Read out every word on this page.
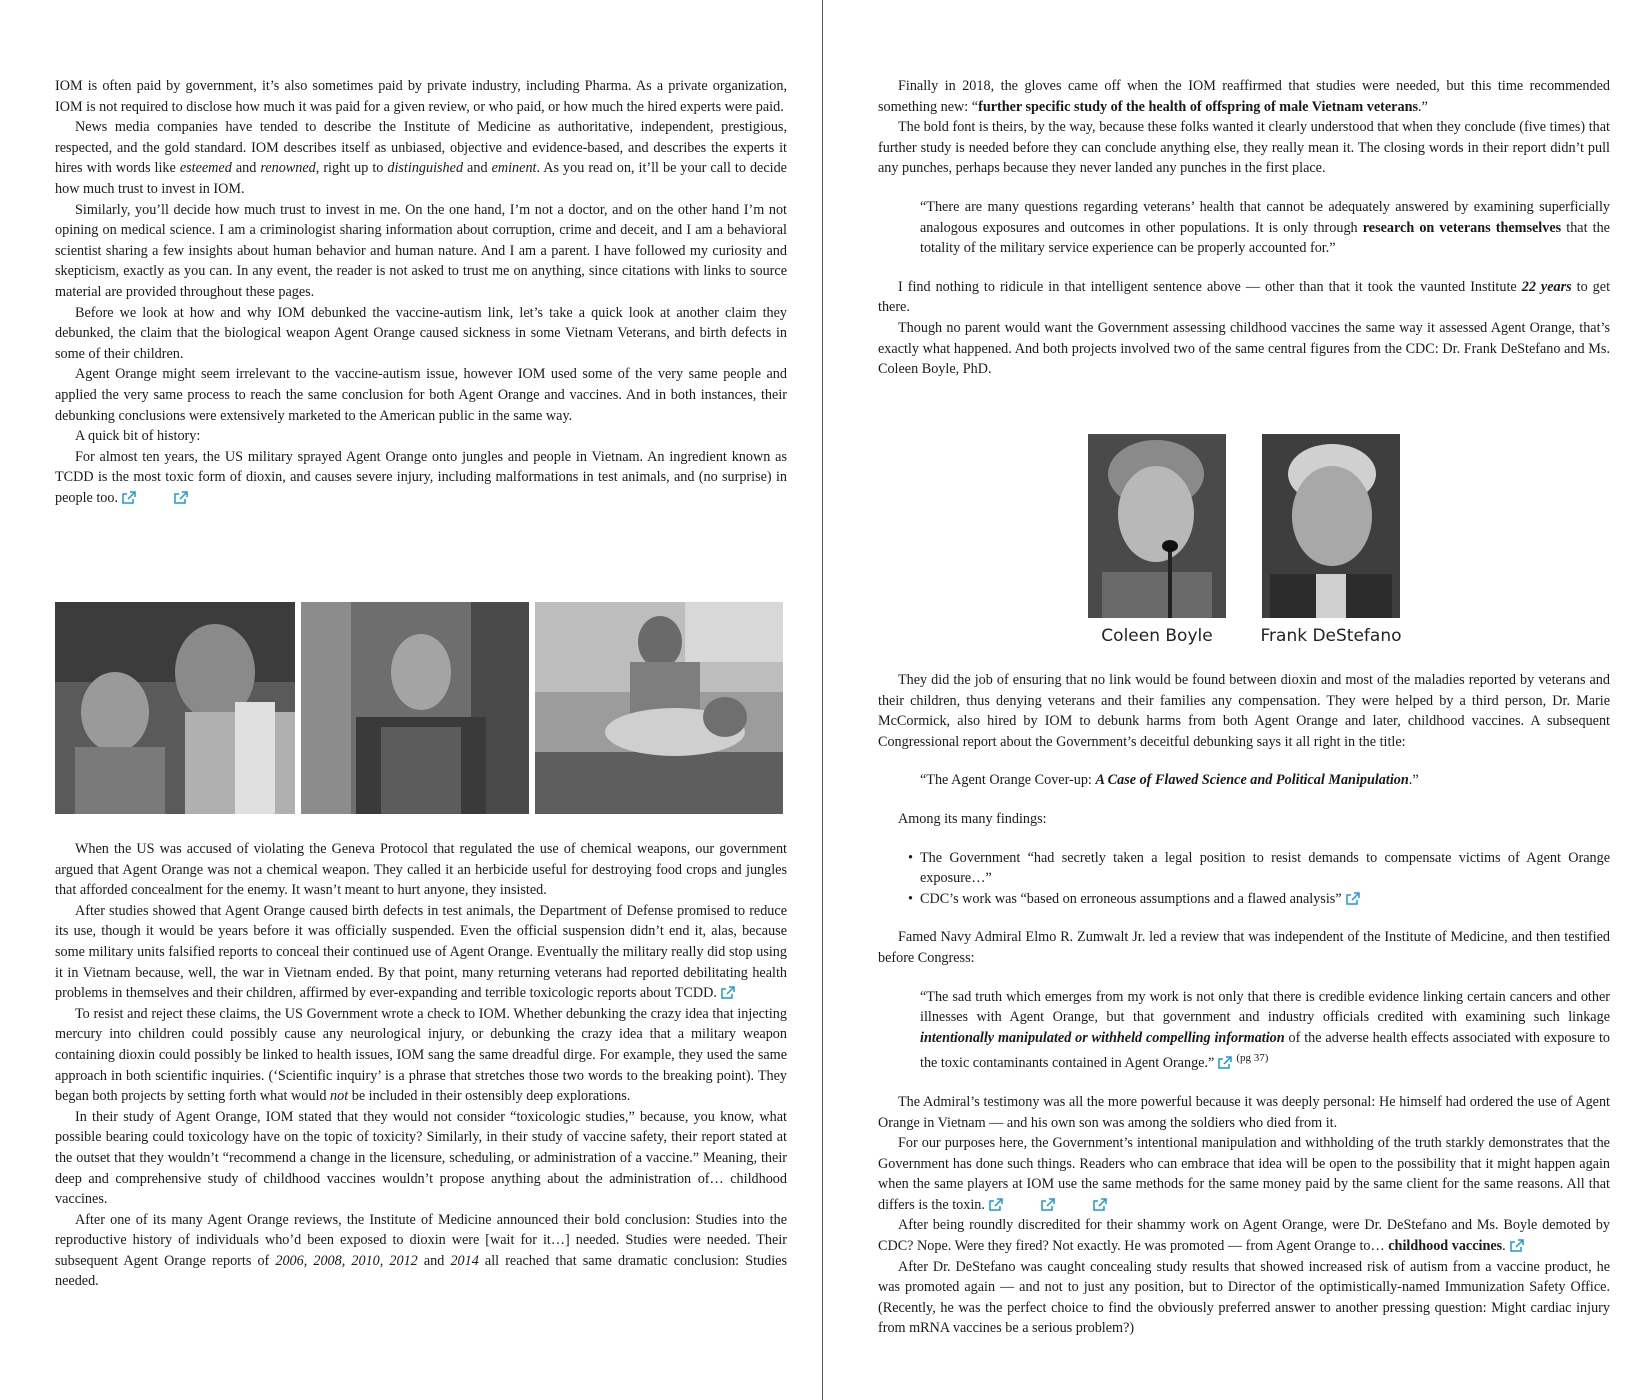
IOM is often paid by government, it’s also sometimes paid by private industry, including Pharma. As a private organization, IOM is not required to disclose how much it was paid for a given review, or who paid, or how much the hired experts were paid.

News media companies have tended to describe the Institute of Medicine as authoritative, independent, prestigious, respected, and the gold standard. IOM describes itself as unbiased, objective and evidence-based, and describes the experts it hires with words like esteemed and renowned, right up to distinguished and eminent. As you read on, it’ll be your call to decide how much trust to invest in IOM.

Similarly, you’ll decide how much trust to invest in me. On the one hand, I’m not a doctor, and on the other hand I’m not opining on medical science. I am a criminologist sharing information about corruption, crime and deceit, and I am a behavioral scientist sharing a few insights about human behavior and human nature. And I am a parent. I have followed my curiosity and skepticism, exactly as you can. In any event, the reader is not asked to trust me on anything, since citations with links to source material are provided throughout these pages.

Before we look at how and why IOM debunked the vaccine-autism link, let’s take a quick look at another claim they debunked, the claim that the biological weapon Agent Orange caused sickness in some Vietnam Veterans, and birth defects in some of their children.

Agent Orange might seem irrelevant to the vaccine-autism issue, however IOM used some of the very same people and applied the very same process to reach the same conclusion for both Agent Orange and vaccines. And in both instances, their debunking conclusions were extensively marketed to the American public in the same way.

A quick bit of history:

For almost ten years, the US military sprayed Agent Orange onto jungles and people in Vietnam. An ingredient known as TCDD is the most toxic form of dioxin, and causes severe injury, including malformations in test animals, and (no surprise) in people too.

When the US was accused of violating the Geneva Protocol that regulated the use of chemical weapons, our government argued that Agent Orange was not a chemical weapon. They called it an herbicide useful for destroying food crops and jungles that afforded concealment for the enemy. It wasn’t meant to hurt anyone, they insisted.

After studies showed that Agent Orange caused birth defects in test animals, the Department of Defense promised to reduce its use, though it would be years before it was officially suspended. Even the official suspension didn’t end it, alas, because some military units falsified reports to conceal their continued use of Agent Orange. Eventually the military really did stop using it in Vietnam because, well, the war in Vietnam ended. By that point, many returning veterans had reported debilitating health problems in themselves and their children, affirmed by ever-expanding and terrible toxicologic reports about TCDD.

To resist and reject these claims, the US Government wrote a check to IOM. Whether debunking the crazy idea that injecting mercury into children could possibly cause any neurological injury, or debunking the crazy idea that a military weapon containing dioxin could possibly be linked to health issues, IOM sang the same dreadful dirge. For example, they used the same approach in both scientific inquiries. (‘Scientific inquiry’ is a phrase that stretches those two words to the breaking point). They began both projects by setting forth what would not be included in their ostensibly deep explorations.

In their study of Agent Orange, IOM stated that they would not consider “toxicologic studies,” because, you know, what possible bearing could toxicology have on the topic of toxicity? Similarly, in their study of vaccine safety, their report stated at the outset that they wouldn’t “recommend a change in the licensure, scheduling, or administration of a vaccine.” Meaning, their deep and comprehensive study of childhood vaccines wouldn’t propose anything about the administration of… childhood vaccines.

After one of its many Agent Orange reviews, the Institute of Medicine announced their bold conclusion: Studies into the reproductive history of individuals who’d been exposed to dioxin were [wait for it…] needed. Studies were needed. Their subsequent Agent Orange reports of 2006, 2008, 2010, 2012 and 2014 all reached that same dramatic conclusion: Studies needed.

Finally in 2018, the gloves came off when the IOM reaffirmed that studies were needed, but this time recommended something new: “further specific study of the health of offspring of male Vietnam veterans.”

The bold font is theirs, by the way, because these folks wanted it clearly understood that when they conclude (five times) that further study is needed before they can conclude anything else, they really mean it. The closing words in their report didn’t pull any punches, perhaps because they never landed any punches in the first place.

“There are many questions regarding veterans’ health that cannot be adequately answered by examining superficially analogous exposures and outcomes in other populations. It is only through research on veterans themselves that the totality of the military service experience can be properly accounted for.”

I find nothing to ridicule in that intelligent sentence above — other than that it took the vaunted Institute 22 years to get there.

Though no parent would want the Government assessing childhood vaccines the same way it assessed Agent Orange, that’s exactly what happened. And both projects involved two of the same central figures from the CDC: Dr. Frank DeStefano and Ms. Coleen Boyle, PhD.

Coleen Boyle	Frank DeStefano

They did the job of ensuring that no link would be found between dioxin and most of the maladies reported by veterans and their children, thus denying veterans and their families any compensation. They were helped by a third person, Dr. Marie McCormick, also hired by IOM to debunk harms from both Agent Orange and later, childhood vaccines. A subsequent Congressional report about the Government’s deceitful debunking says it all right in the title:

“The Agent Orange Cover-up: A Case of Flawed Science and Political Manipulation.”

Among its many findings:

• The Government “had secretly taken a legal position to resist demands to compensate victims of Agent Orange exposure…”
• CDC’s work was “based on erroneous assumptions and a flawed analysis”

Famed Navy Admiral Elmo R. Zumwalt Jr. led a review that was independent of the Institute of Medicine, and then testified before Congress:

“The sad truth which emerges from my work is not only that there is credible evidence linking certain cancers and other illnesses with Agent Orange, but that government and industry officials credited with examining such linkage intentionally manipulated or withheld compelling information of the adverse health effects associated with exposure to the toxic contaminants contained in Agent Orange.” $^{(pg 37)}$

The Admiral’s testimony was all the more powerful because it was deeply personal: He himself had ordered the use of Agent Orange in Vietnam — and his own son was among the soldiers who died from it.

For our purposes here, the Government’s intentional manipulation and withholding of the truth starkly demonstrates that the Government has done such things. Readers who can embrace that idea will be open to the possibility that it might happen again when the same players at IOM use the same methods for the same money paid by the same client for the same reasons. All that differs is the toxin.

After being roundly discredited for their shammy work on Agent Orange, were Dr. DeStefano and Ms. Boyle demoted by CDC? Nope. Were they fired? Not exactly. He was promoted — from Agent Orange to… childhood vaccines.

After Dr. DeStefano was caught concealing study results that showed increased risk of autism from a vaccine product, he was promoted again — and not to just any position, but to Director of the optimistically-named Immunization Safety Office. (Recently, he was the perfect choice to find the obviously preferred answer to another pressing question: Might cardiac injury from mRNA vaccines be a serious problem?)
